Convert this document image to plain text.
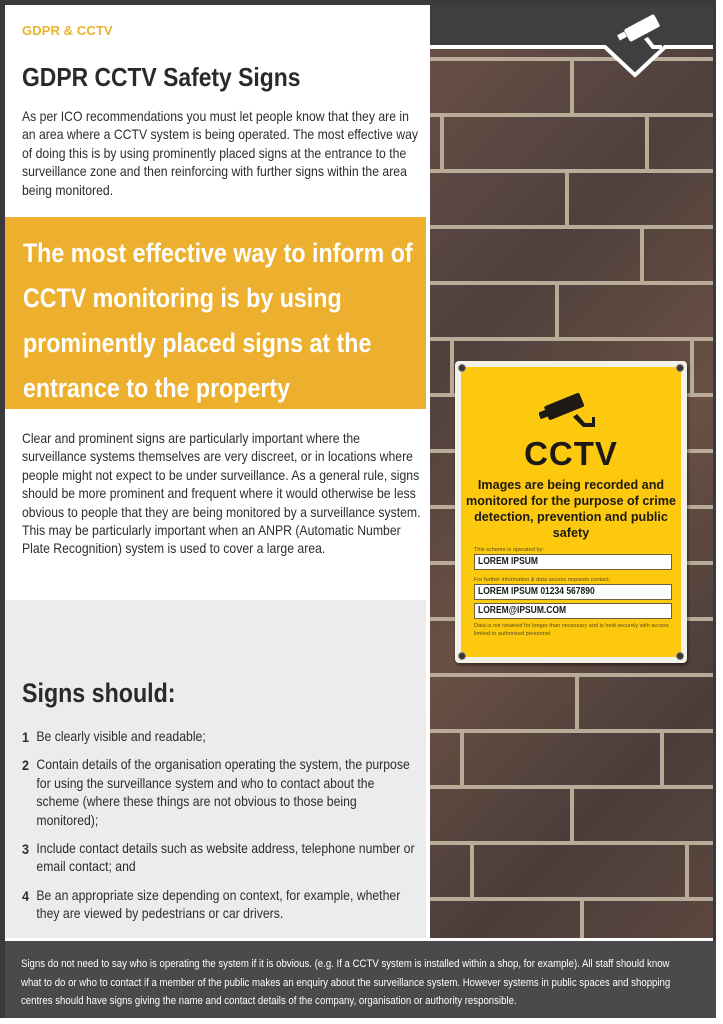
GDPR & CCTV
GDPR CCTV Safety Signs

As per ICO recommendations you must let people know that they are in an area where a CCTV system is being operated. The most effective way of doing this is by using prominently placed signs at the entrance to the surveillance zone and then reinforcing with further signs within the area being monitored.

The most effective way to inform of CCTV monitoring is by using prominently placed signs at the entrance to the property

Clear and prominent signs are particularly important where the surveillance systems themselves are very discreet, or in locations where people might not expect to be under surveillance. As a general rule, signs should be more prominent and frequent where it would otherwise be less obvious to people that they are being monitored by a surveillance system. This may be particularly important when an ANPR (Automatic Number Plate Recognition) system is used to cover a large area.

Signs should:
1 Be clearly visible and readable;
2 Contain details of the organisation operating the system, the purpose for using the surveillance system and who to contact about the scheme (where these things are not obvious to those being monitored);
3 Include contact details such as website address, telephone number or email contact; and
4 Be an appropriate size depending on context, for example, whether they are viewed by pedestrians or car drivers.
CCTV
Images are being recorded and monitored for the purpose of crime detection, prevention and public safety
This scheme is operated by:
LOREM IPSUM
For further information & data access requests contact:
LOREM IPSUM 01234 567890
LOREM@IPSUM.COM
Data is not retained for longer than necessary and is held securely with access limited to authorised personnel

Signs do not need to say who is operating the system if it is obvious. (e.g. If a CCTV system is installed within a shop, for example). All staff should know what to do or who to contact if a member of the public makes an enquiry about the surveillance system. However systems in public spaces and shopping centres should have signs giving the name and contact details of the company, organisation or authority responsible.
